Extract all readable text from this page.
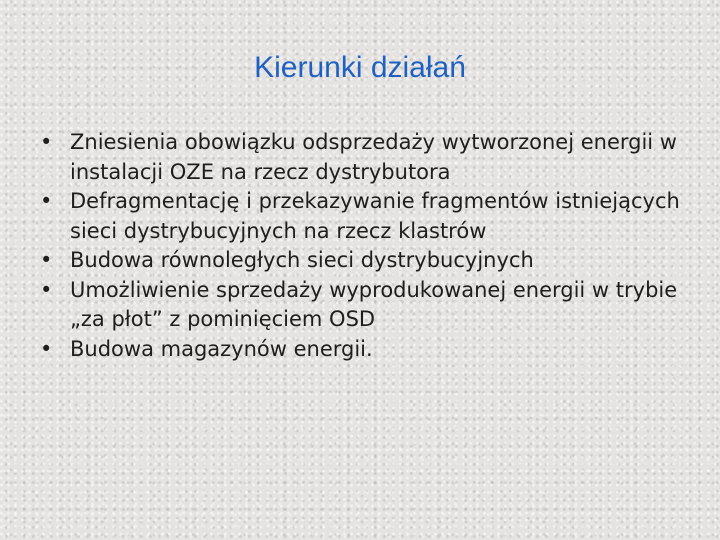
Kierunki działań
• Zniesienia obowiązku odsprzedaży wytworzonej energii w instalacji OZE na rzecz dystrybutora
• Defragmentację i przekazywanie fragmentów istniejących sieci dystrybucyjnych na rzecz klastrów
• Budowa równoległych sieci dystrybucyjnych
• Umożliwienie sprzedaży wyprodukowanej energii w trybie „za płot” z pominięciem OSD
• Budowa magazynów energii.
